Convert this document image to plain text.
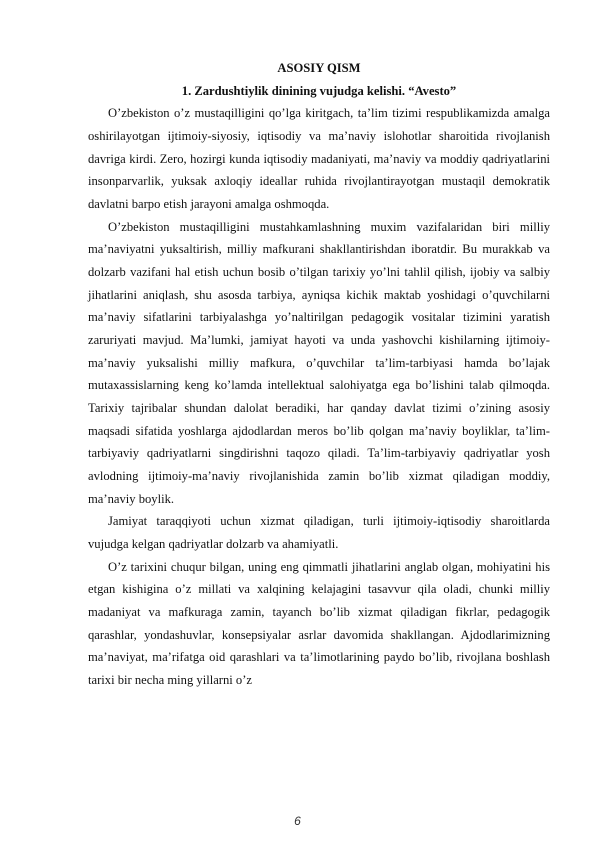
ASOSIY QISM

1. Zardushtiylik dinining vujudga kelishi. “Avesto”

O’zbekiston o’z mustaqilligini qo’lga kiritgach, ta’lim tizimi respublikamizda amalga oshirilayotgan ijtimoiy-siyosiy, iqtisodiy va ma’naviy islohotlar sharoitida rivojlanish davriga kirdi. Zero, hozirgi kunda iqtisodiy madaniyati, ma’naviy va moddiy qadriyatlarini insonparvarlik, yuksak axloqiy ideallar ruhida rivojlantirayotgan mustaqil demokratik davlatni barpo etish jarayoni amalga oshmoqda.

O’zbekiston mustaqilligini mustahkamlashning muxim vazifalaridan biri milliy ma’naviyatni yuksaltirish, milliy mafkurani shakllantirishdan iboratdir. Bu murakkab va dolzarb vazifani hal etish uchun bosib o’tilgan tarixiy yo’lni tahlil qilish, ijobiy va salbiy jihatlarini aniqlash, shu asosda tarbiya, ayniqsa kichik maktab yoshidagi o’quvchilarni ma’naviy sifatlarini tarbiyalashga yo’naltirilgan pedagogik vositalar tizimini yaratish zaruriyati mavjud. Ma’lumki, jamiyat hayoti va unda yashovchi kishilarning ijtimoiy-ma’naviy yuksalishi milliy mafkura, o’quvchilar ta’lim-tarbiyasi hamda bo’lajak mutaxassislarning keng ko’lamda intellektual salohiyatga ega bo’lishini talab qilmoqda. Tarixiy tajribalar shundan dalolat beradiki, har qanday davlat tizimi o’zining asosiy maqsadi sifatida yoshlarga ajdodlardan meros bo’lib qolgan ma’naviy boyliklar, ta’lim-tarbiyaviy qadriyatlarni singdirishni taqozo qiladi. Ta’lim-tarbiyaviy qadriyatlar yosh avlodning ijtimoiy-ma’naviy rivojlanishida zamin bo’lib xizmat qiladigan moddiy, ma’naviy boylik.

Jamiyat taraqqiyoti uchun xizmat qiladigan, turli ijtimoiy-iqtisodiy sharoitlarda vujudga kelgan qadriyatlar dolzarb va ahamiyatli.

O’z tarixini chuqur bilgan, uning eng qimmatli jihatlarini anglab olgan, mohiyatini his etgan kishigina o’z millati va xalqining kelajagini tasavvur qila oladi, chunki milliy madaniyat va mafkuraga zamin, tayanch bo’lib xizmat qiladigan fikrlar, pedagogik qarashlar, yondashuvlar, konsepsiyalar asrlar davomida shakllangan. Ajdodlarimizning ma’naviyat, ma’rifatga oid qarashlari va ta’limotlarining paydo bo’lib, rivojlana boshlash tarixi bir necha ming yillarni o’z

6
